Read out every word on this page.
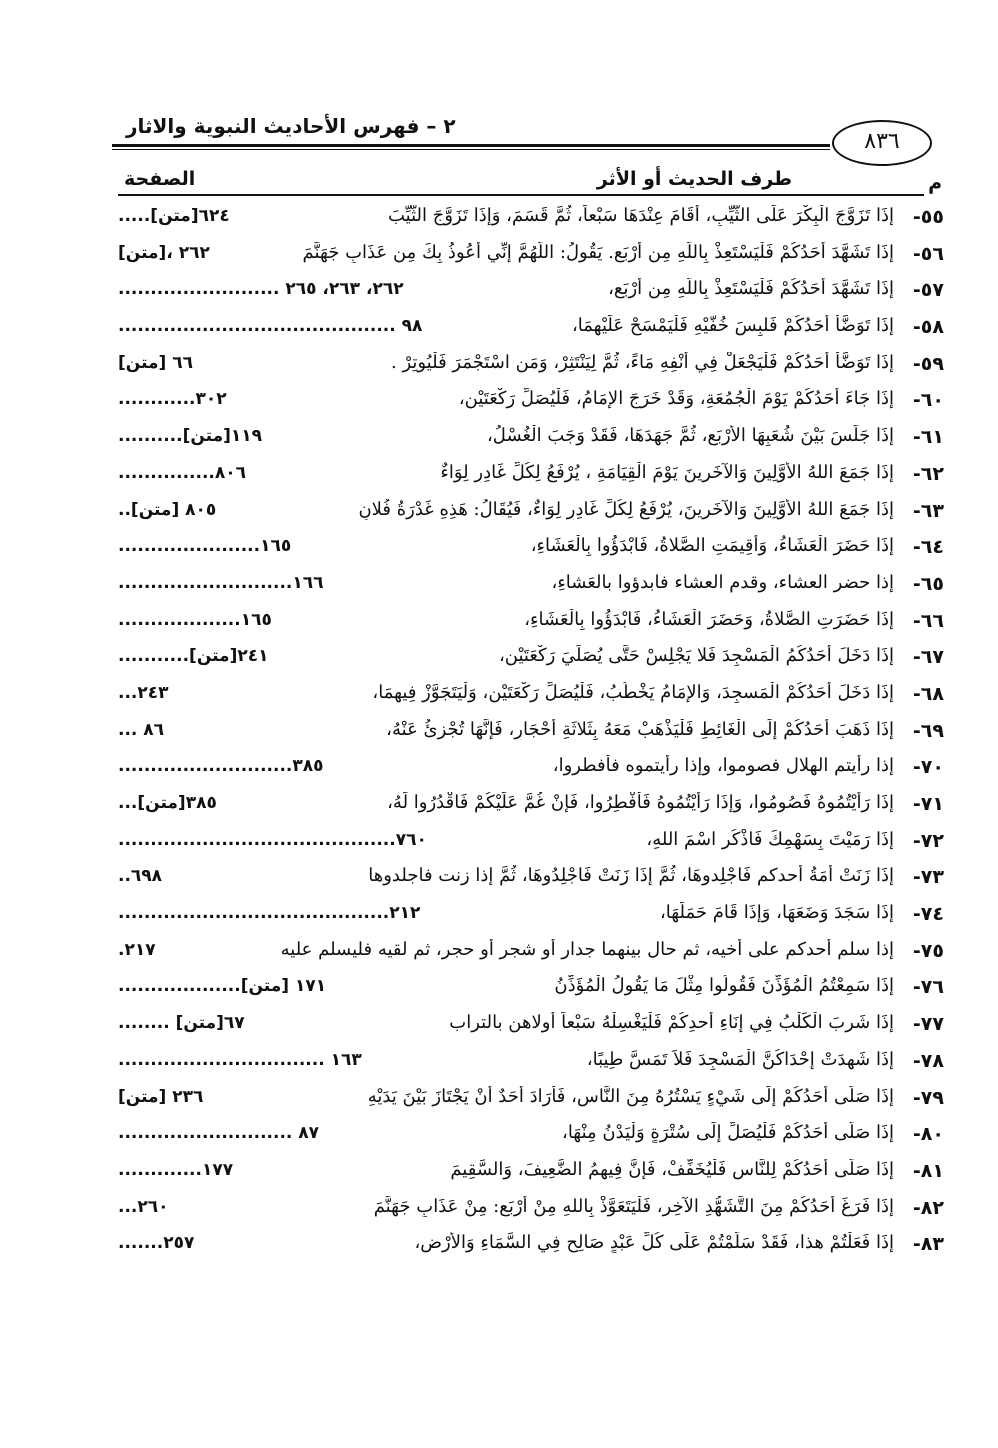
٢ – فهرس الأحاديث النبوية والاثار
٨٣٦
م
طرف الحديث أو الأثر
الصفحة
٥٥-
إِذَا تَزَوَّجَ الْبِكْرَ عَلَى الثَّيِّبِ، أَقَامَ عِنْدَهَا سَبْعاً، ثُمَّ قَسَمَ، وَإِذَا تَزَوَّجَ الثَّيِّبَ
.....[متن]٦٢٤
٥٦-
إِذَا تَشَهَّدَ أَحَدُكُمْ فَلْيَسْتَعِذْ بِاللَّهِ مِن أَرْبَع. يَقُولُ: اللَّهُمَّ إِنِّي أَعُوذُ بِكَ مِن عَذَابِ جَهَنَّمَ
[متن]، ٢٦٢
٥٧-
إِذَا تَشَهَّدَ أَحَدُكُمْ فَلْيَسْتَعِذْ بِاللَّهِ مِن أَرْبَع،
......................... ٢٦٢، ٢٦٣، ٢٦٥
٥٨-
إِذَا تَوَضَّأَ أَحَدُكُمْ فَلبِسَ خُفَّيْهِ فَلْيَمْسَحْ عَلَيْهِمَا،
........................................... ٩٨
٥٩-
إِذَا تَوَضَّأَ أَحَدُكُمْ فَلْيَجْعَلْ فِي أَنْفِهِ مَاءً، ثُمَّ لِيَنْتَثِرْ، وَمَنِ اسْتَجْمَرَ فَلْيُوتِرْ .
[متن] ٦٦
٦٠-
إِذَا جَاءَ أَحَدُكُمْ يَوْمَ الْجُمُعَةِ، وَقَدْ خَرَجَ الإِمَامُ، فَلْيُصَلِّ رَكْعَتَيْنِ،
............٣٠٢
٦١-
إِذَا جَلَسَ بَيْنَ شُعَبِهَا الأَرْبَعِ، ثُمَّ جَهَدَهَا، فَقَدْ وَجَبَ الْغُسْلُ،
..........[متن]١١٩
٦٢-
إِذَا جَمَعَ اللهُ الأَوَّلِينَ وَالآخَرِينَ يَوْمَ الْقِيَامَةِ ، يُرْفَعُ لِكُلِّ غَادِرٍ لِوَاءٌ
...............٨٠٦
٦٣-
إِذَا جَمَعَ اللهُ الأَوَّلِينَ وَالآخَرِينَ، يُرْفَعُ لِكُلِّ غَادِرٍ لِوَاءٌ، فَيُقَالُ: هَذِهِ غَدْرَةُ فُلانٍ
..[متن] ٨٠٥
٦٤-
إِذَا حَضَرَ الْعَشَاءُ، وَأُقِيمَتِ الصَّلاةُ، فَابْدَؤُوا بِالْعَشَاءِ،
......................١٦٥
٦٥-
إذا حضر العشاء، وقدم العشاء فابدؤوا بالعَشاءِ،
...........................١٦٦
٦٦-
إِذَا حَضَرَتِ الصَّلاةُ، وَحَضَرَ الْعَشَاءُ، فَابْدَؤُوا بِالْعَشَاءِ،
...................١٦٥
٦٧-
إِذَا دَخَلَ أَحَدُكُمُ الْمَسْجِدَ فَلا يَجْلِسْ حَتَّى يُصَلِّيَ رَكْعَتَيْنِ،
...........[متن]٢٤١
٦٨-
إِذَا دَخَلَ أَحَدُكُمْ الْمَسجِدَ، وَالإِمَامُ يَخْطُبُ، فَلْيُصَلِّ رَكْعَتَيْنِ، وَلْيَتَجَوَّزْ فِيهِمَا،
...٢٤٣
٦٩-
إِذَا ذَهَبَ أَحَدُكُمْ إِلَى الْغَائِطِ فَلْيَذْهَبْ مَعَهُ بِثَلاثَةِ أَحْجَارٍ، فَإِنَّهَا تُجْزِئُ عَنْهُ،
... ٨٦
٧٠-
إذا رأيتم الهلال فصوموا، وإذا رأيتموه فأفطروا،
...........................٣٨٥
٧١-
إِذَا رَأَيْتُمُوهُ فَصُومُوا، وَإِذَا رَأَيْتُمُوهُ فَأَفْطِرُوا، فَإِنْ غُمَّ عَلَيْكُمْ فَاقْدُرُوا لَهُ،
...[متن]٣٨٥
٧٢-
إِذَا رَمَيْتَ بِسَهْمِكَ فَاذْكُرِ اسْمَ اللهِ،
...........................................٧٦٠
٧٣-
إِذَا زَنَتْ أَمَةُ أحدكم فَاجْلِدوهَا، ثُمَّ إِذَا زَنَتْ فَاجْلِدُوهَا، ثُمَّ إذا زنت فاجلدوها
..٦٩٨
٧٤-
إِذَا سَجَدَ وَضَعَهَا، وَإِذَا قَامَ حَمَلَهَا،
..........................................٢١٢
٧٥-
إذا سلم أحدكم على أخيه، ثم حال بينهما جدار أو شجر أو حجر، ثم لقيه فليسلم عليه
.٢١٧
٧٦-
إِذَا سَمِعْتُمُ الْمُؤَذِّنَ فَقُولُوا مِثْلَ مَا يَقُولُ الْمُؤَذِّنُ
...................[متن] ١٧١
٧٧-
إِذَا شَرِبَ الْكَلْبُ فِي إِنَاءِ أَحدِكُمْ فَلْيَغْسِلْهُ سَبْعاً أولاهن بالتراب
........ [متن]٦٧
٧٨-
إِذَا شَهِدَتْ إِحْدَاكُنَّ الْمَسْجِدَ فَلاَ تَمَسَّ طِيبًا،
................................ ١٦٣
٧٩-
إِذَا صَلَّى أَحَدُكُمْ إِلَى شَيْءٍ يَسْتُرُهُ مِنَ النَّاسِ، فَأَرَادَ أَحَدٌ أَنْ يَجْتَازَ بَيْنَ يَدَيْهِ
[متن] ٢٣٦
٨٠-
إِذَا صَلَّى أَحَدُكُمْ فَلْيُصَلِّ إِلَى سُتْرَةٍ وَلْيَدْنُ مِنْهَا،
........................... ٨٧
٨١-
إِذَا صَلَّى أَحَدُكُمْ لِلنَّاسِ فَلْيُخَفِّفْ، فَإِنَّ فِيهِمُ الضَّعِيفَ، وَالسَّقِيمَ
.............١٧٧
٨٢-
إِذَا فَرَغَ أَحَدُكُمْ مِنَ التَّشَهُّدِ الآخِرِ، فَلْيَتَعَوَّذْ بِاللهِ مِنْ أَرْبَعٍ: مِنْ عَذَابِ جَهَنَّمَ
...٢٦٠
٨٣-
إِذَا فَعَلْتُمْ هذا، فَقَدْ سَلَّمْتُمْ عَلَى كُلِّ عَبْدٍ صَالِحٍ فِي السَّمَاءِ وَالأَرْضِ،
.......٢٥٧
